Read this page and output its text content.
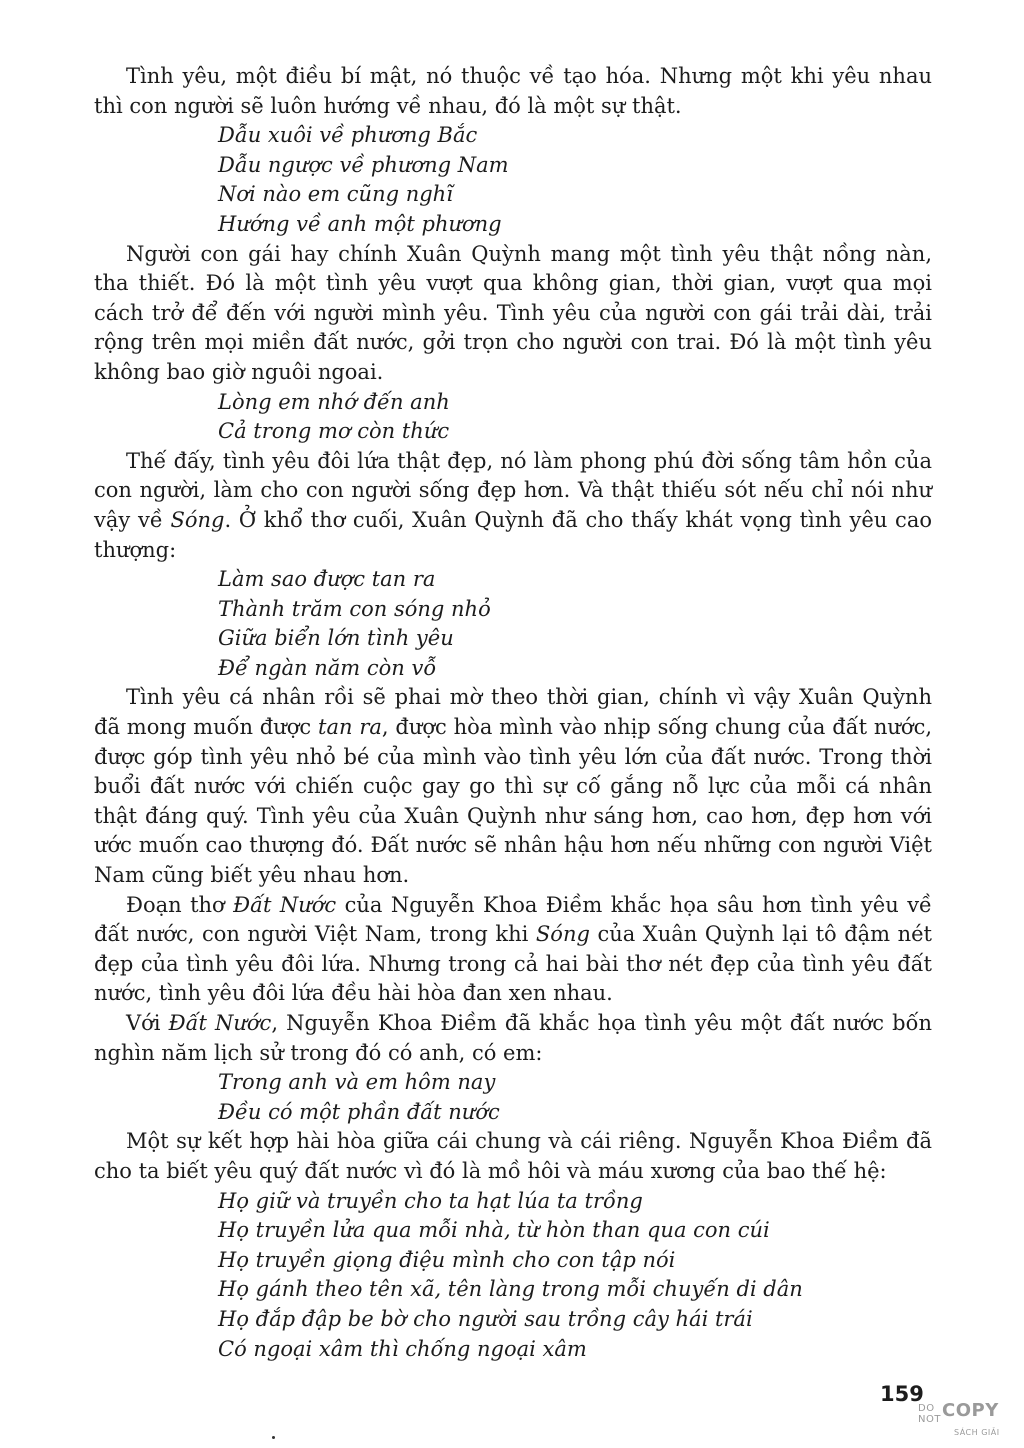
Tình yêu, một điều bí mật, nó thuộc về tạo hóa. Nhưng một khi yêu nhau thì con người sẽ luôn hướng về nhau, đó là một sự thật.

Dẫu xuôi về phương Bắc
Dẫu ngược về phương Nam
Nơi nào em cũng nghĩ
Hướng về anh một phương

Người con gái hay chính Xuân Quỳnh mang một tình yêu thật nồng nàn, tha thiết. Đó là một tình yêu vượt qua không gian, thời gian, vượt qua mọi cách trở để đến với người mình yêu. Tình yêu của người con gái trải dài, trải rộng trên mọi miền đất nước, gởi trọn cho người con trai. Đó là một tình yêu không bao giờ nguôi ngoai.

Lòng em nhớ đến anh
Cả trong mơ còn thức

Thế đấy, tình yêu đôi lứa thật đẹp, nó làm phong phú đời sống tâm hồn của con người, làm cho con người sống đẹp hơn. Và thật thiếu sót nếu chỉ nói như vậy về Sóng. Ở khổ thơ cuối, Xuân Quỳnh đã cho thấy khát vọng tình yêu cao thượng:

Làm sao được tan ra
Thành trăm con sóng nhỏ
Giữa biển lớn tình yêu
Để ngàn năm còn vỗ

Tình yêu cá nhân rồi sẽ phai mờ theo thời gian, chính vì vậy Xuân Quỳnh đã mong muốn được tan ra, được hòa mình vào nhịp sống chung của đất nước, được góp tình yêu nhỏ bé của mình vào tình yêu lớn của đất nước. Trong thời buổi đất nước với chiến cuộc gay go thì sự cố gắng nỗ lực của mỗi cá nhân thật đáng quý. Tình yêu của Xuân Quỳnh như sáng hơn, cao hơn, đẹp hơn với ước muốn cao thượng đó. Đất nước sẽ nhân hậu hơn nếu những con người Việt Nam cũng biết yêu nhau hơn.

Đoạn thơ Đất Nước của Nguyễn Khoa Điềm khắc họa sâu hơn tình yêu về đất nước, con người Việt Nam, trong khi Sóng của Xuân Quỳnh lại tô đậm nét đẹp của tình yêu đôi lứa. Nhưng trong cả hai bài thơ nét đẹp của tình yêu đất nước, tình yêu đôi lứa đều hài hòa đan xen nhau.

Với Đất Nước, Nguyễn Khoa Điềm đã khắc họa tình yêu một đất nước bốn nghìn năm lịch sử trong đó có anh, có em:

Trong anh và em hôm nay
Đều có một phần đất nước

Một sự kết hợp hài hòa giữa cái chung và cái riêng. Nguyễn Khoa Điềm đã cho ta biết yêu quý đất nước vì đó là mồ hôi và máu xương của bao thế hệ:

Họ giữ và truyền cho ta hạt lúa ta trồng
Họ truyền lửa qua mỗi nhà, từ hòn than qua con cúi
Họ truyền giọng điệu mình cho con tập nói
Họ gánh theo tên xã, tên làng trong mỗi chuyến di dân
Họ đắp đập be bờ cho người sau trồng cây hái trái
Có ngoại xâm thì chống ngoại xâm
159
DO
NOT COPY
SÁCH GIẢI
